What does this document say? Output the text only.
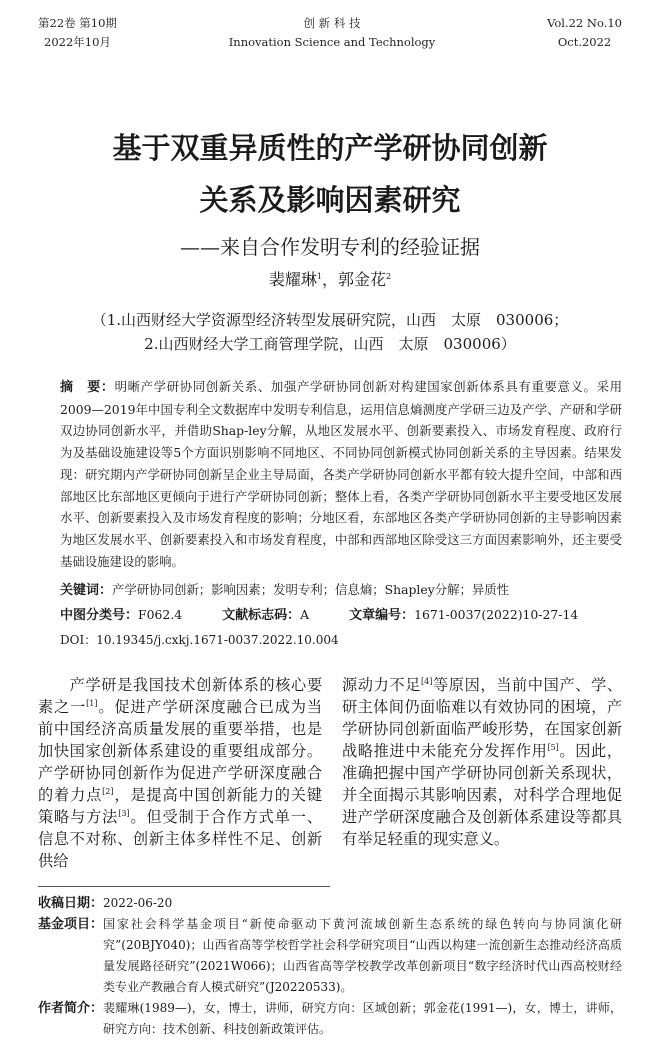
第22卷 第10期
2022年10月
创 新 科 技
Innovation Science and Technology
Vol.22 No.10
Oct.2022
基于双重异质性的产学研协同创新
关系及影响因素研究
——来自合作发明专利的经验证据
裴耀琳$^1$，郭金花$^2$
（1.山西财经大学资源型经济转型发展研究院，山西　太原　030006；
2.山西财经大学工商管理学院，山西　太原　030006）
摘　要：明晰产学研协同创新关系、加强产学研协同创新对构建国家创新体系具有重要意义。采用2009—2019年中国专利全文数据库中发明专利信息，运用信息熵测度产学研三边及产学、产研和学研双边协同创新水平，并借助Shap-ley分解，从地区发展水平、创新要素投入、市场发育程度、政府行为及基础设施建设等5个方面识别影响不同地区、不同协同创新模式协同创新关系的主导因素。结果发现：研究期内产学研协同创新呈企业主导局面，各类产学研协同创新水平都有较大提升空间，中部和西部地区比东部地区更倾向于进行产学研协同创新；整体上看，各类产学研协同创新水平主要受地区发展水平、创新要素投入及市场发育程度的影响；分地区看，东部地区各类产学研协同创新的主导影响因素为地区发展水平、创新要素投入和市场发育程度，中部和西部地区除受这三方面因素影响外，还主要受基础设施建设的影响。
关键词：产学研协同创新；影响因素；发明专利；信息熵；Shapley分解；异质性
中图分类号：F062.4	文献标志码：A	文章编号：1671-0037(2022)10-27-14
DOI：10.19345/j.cxkj.1671-0037.2022.10.004
　　产学研是我国技术创新体系的核心要素之一[1]。促进产学研深度融合已成为当前中国经济高质量发展的重要举措，也是加快国家创新体系建设的重要组成部分。产学研协同创新作为促进产学研深度融合的着力点[2]，是提高中国创新能力的关键策略与方法[3]。但受制于合作方式单一、信息不对称、创新主体多样性不足、创新供给
源动力不足[4]等原因，当前中国产、学、研主体间仍面临难以有效协同的困境，产学研协同创新面临严峻形势，在国家创新战略推进中未能充分发挥作用[5]。因此，准确把握中国产学研协同创新关系现状，并全面揭示其影响因素，对科学合理地促进产学研深度融合及创新体系建设等都具有举足轻重的现实意义。
收稿日期： 2022-06-20
基金项目： 国家社会科学基金项目“新使命驱动下黄河流域创新生态系统的绿色转向与协同演化研究”(20BJY040)；山西省高等学校哲学社会科学研究项目“山西以构建一流创新生态推动经济高质量发展路径研究”(2021W066)；山西省高等学校教学改革创新项目“数字经济时代山西高校财经类专业产教融合育人模式研究”(J20220533)。
作者简介： 裴耀琳(1989—)，女，博士，讲师，研究方向：区域创新；郭金花(1991—)，女，博士，讲师，研究方向：技术创新、科技创新政策评估。
